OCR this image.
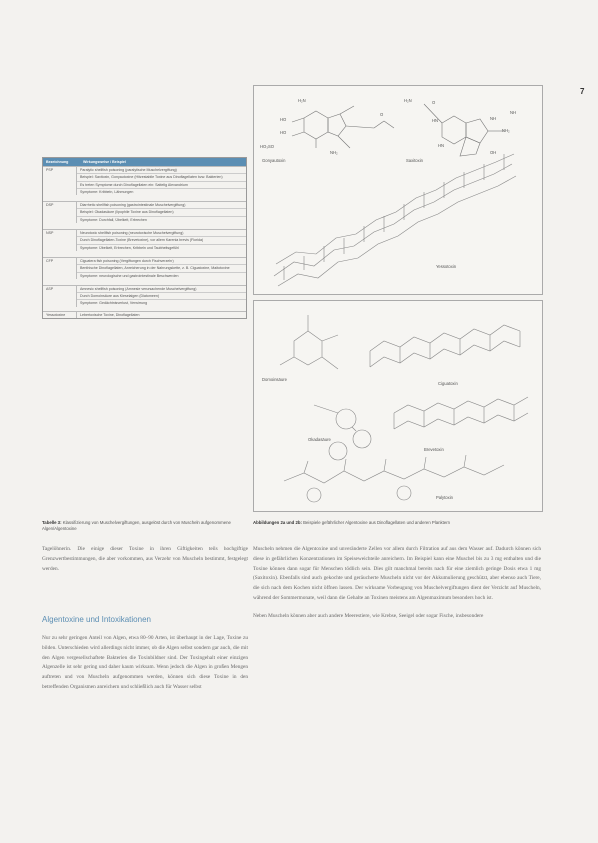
7
Bezeichnung	Wirkungsweise / Beispiel
PSP	Paralytic shellfish poisoning (paralytische Muschelvergiftung)
Beispiel: Saxitoxin, Gonyautoxine (Hitzestabile Toxine aus Dinoflagellaten bzw. Bakterien)
Es treten Symptome durch Dinoflagellaten ein: Sattelig Alexandrium
Symptome: Kribbeln, Lähmungen
DSP	Diarrhetic shellfish poisoning (gastrointestinale Muschelvergiftung)
Beispiel: Okadasäure (lipophile Toxine aus Dinoflagellaten)
Symptome: Durchfall, Übelkeit, Erbrechen
NSP	Neurotoxic shellfish poisoning (neurotoxische Muschelvergiftung)
Durch Dinoflagellaten-Toxine (Brevetoxine), vor allem Karenia brevis (Florida)
Symptome: Übelkeit, Erbrechen, Kribbeln und Taubheitsgefühl
CFP	Ciguatera fish poisoning (Vergiftungen durch Fischverzehr)
Benthische Dinoflagellaten, Anreicherung in der Nahrungskette, z. B. Ciguatoxine, Maitotoxine
Symptome: neurologische und gastrointestinale Beschwerden
ASP	Amnesic shellfish poisoning (Amnesie verursachende Muschelvergiftung)
Durch Domoinsäure aus Kieselalgen (Diatomeen)
Symptome: Gedächtnisverlust, Verwirrung
Yessotoxine	Lebertoxische Toxine, Dinoflagellaten
Tabelle 3: Klassifizierung von Muschelvergiftungen, ausgelöst durch von Muscheln aufgenommene Algen/Algentoxine
H₂N
HO
HO
HO₃SO
NH₂
O
H₂N
HN	NH
NH₂
HN
OH
O
NH
Gonyautoxin	Saxitoxin
Yessotoxin
Domoinsäure
Ciguatoxin
Okadasäure
Brevetoxin
Palytoxin
Abbildungen 2a und 2b: Beispiele gefährlicher Algentoxine aus Dinoflagellaten und anderen Planktern

Tagelöhnerin. Die einige dieser Toxine in ihren Giftigkeiten teils hochgiftige Grenzwertbestimmungen, die aber vorkommen, aus Verzehr von Muscheln bestimmt, festgelegt werden.

Algentoxine und Intoxikationen

Nur zu sehr geringen Anteil von Algen, etwa 80–90 Arten, ist überhaupt in der Lage, Toxine zu bilden. Unterschieden wird allerdings nicht immer, ob die Algen selbst sondern gar auch, die mit den Algen vergesellschaftete Bakterien die Toxinbildner sind. Der Toxingehalt einer einzigen Algenzelle ist sehr gering und daher kaum wirksam. Wenn jedoch die Algen in großen Mengen auftreten und von Muscheln aufgenommen werden, können sich diese Toxine in den betreffenden Organismen anreichern und schließlich auch für Wasser selbst

Muscheln nehmen die Algentoxine und unveränderte Zellen vor allem durch Filtration auf aus dem Wasser auf. Dadurch können sich diese in gefährlichen Konzentrationen im Speiseweichteile anreichern. Im Beispiel kann eine Muschel bis zu 3 mg enthalten und die Toxine können dann sogar für Menschen tödlich sein. Dies gilt manchmal bereits nach für eine ziemlich geringe Dosis etwa 1 mg (Saxitoxin). Ebenfalls sind auch gekochte und geräucherte Muscheln nicht vor der Akkumulierung geschützt, aber ebenso auch Tiere, die sich nach dem Kochen nicht öffnen lassen. Der wirksame Vorbeugung von Muschelvergiftungen dient der Verzicht auf Muscheln, während der Sommermonate, weil dann die Gehalte an Toxinen meistens am Algenmaximum besonders hoch ist.

Neben Muscheln können aber auch andere Meerestiere, wie Krebse, Seeigel oder sogar Fische, insbesondere
